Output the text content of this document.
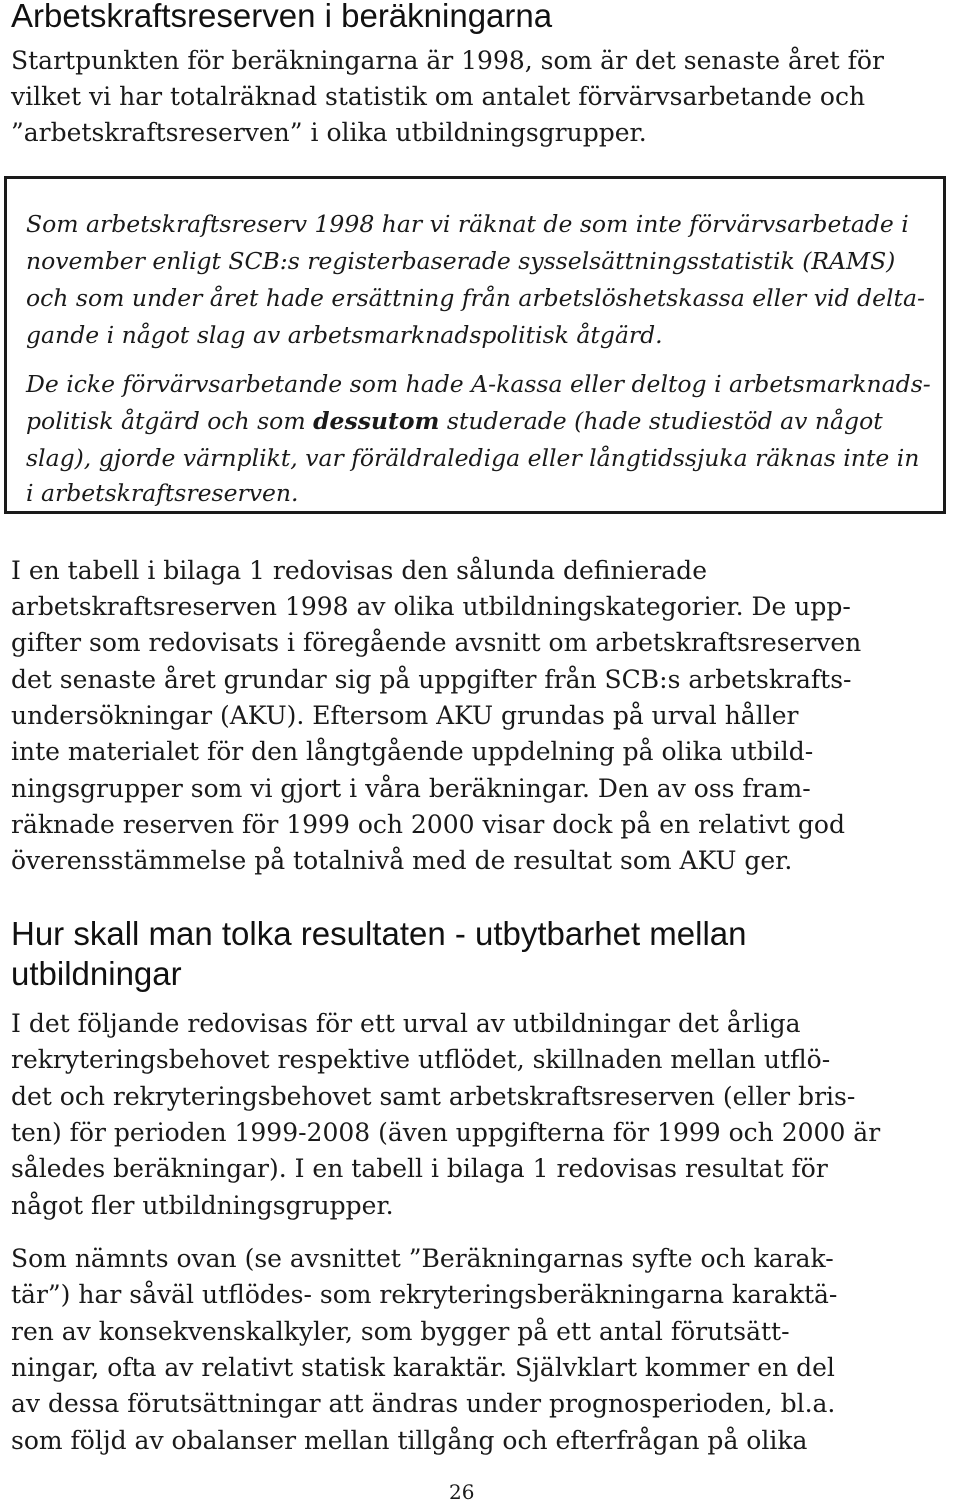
Arbetskraftsreserven i beräkningarna
Startpunkten för beräkningarna är 1998, som är det senaste året för
vilket vi har totalräknad statistik om antalet förvärvsarbetande och
”arbetskraftsreserven” i olika utbildningsgrupper.
Som arbetskraftsreserv 1998 har vi räknat de som inte förvärvsarbetade i
november enligt SCB:s registerbaserade sysselsättningsstatistik (RAMS)
och som under året hade ersättning från arbetslöshetskassa eller vid delta-
gande i något slag av arbetsmarknadspolitisk åtgärd.
De icke förvärvsarbetande som hade A-kassa eller deltog i arbetsmarknads-
politisk åtgärd och som dessutom studerade (hade studiestöd av något
slag), gjorde värnplikt, var föräldralediga eller långtidssjuka räknas inte in
i arbetskraftsreserven.
I en tabell i bilaga 1 redovisas den sålunda definierade
arbetskraftsreserven 1998 av olika utbildningskategorier. De upp-
gifter som redovisats i föregående avsnitt om arbetskraftsreserven
det senaste året grundar sig på uppgifter från SCB:s arbetskrafts-
undersökningar (AKU). Eftersom AKU grundas på urval håller
inte materialet för den långtgående uppdelning på olika utbild-
ningsgrupper som vi gjort i våra beräkningar. Den av oss fram-
räknade reserven för 1999 och 2000 visar dock på en relativt god
överensstämmelse på totalnivå med de resultat som AKU ger.
Hur skall man tolka resultaten - utbytbarhet mellan
utbildningar
I det följande redovisas för ett urval av utbildningar det årliga
rekryteringsbehovet respektive utflödet, skillnaden mellan utflö-
det och rekryteringsbehovet samt arbetskraftsreserven (eller bris-
ten) för perioden 1999-2008 (även uppgifterna för 1999 och 2000 är
således beräkningar). I en tabell i bilaga 1 redovisas resultat för
något fler utbildningsgrupper.
Som nämnts ovan (se avsnittet ”Beräkningarnas syfte och karak-
tär”) har såväl utflödes- som rekryteringsberäkningarna karaktä-
ren av konsekvenskalkyler, som bygger på ett antal förutsätt-
ningar, ofta av relativt statisk karaktär. Självklart kommer en del
av dessa förutsättningar att ändras under prognosperioden, bl.a.
som följd av obalanser mellan tillgång och efterfrågan på olika
26
